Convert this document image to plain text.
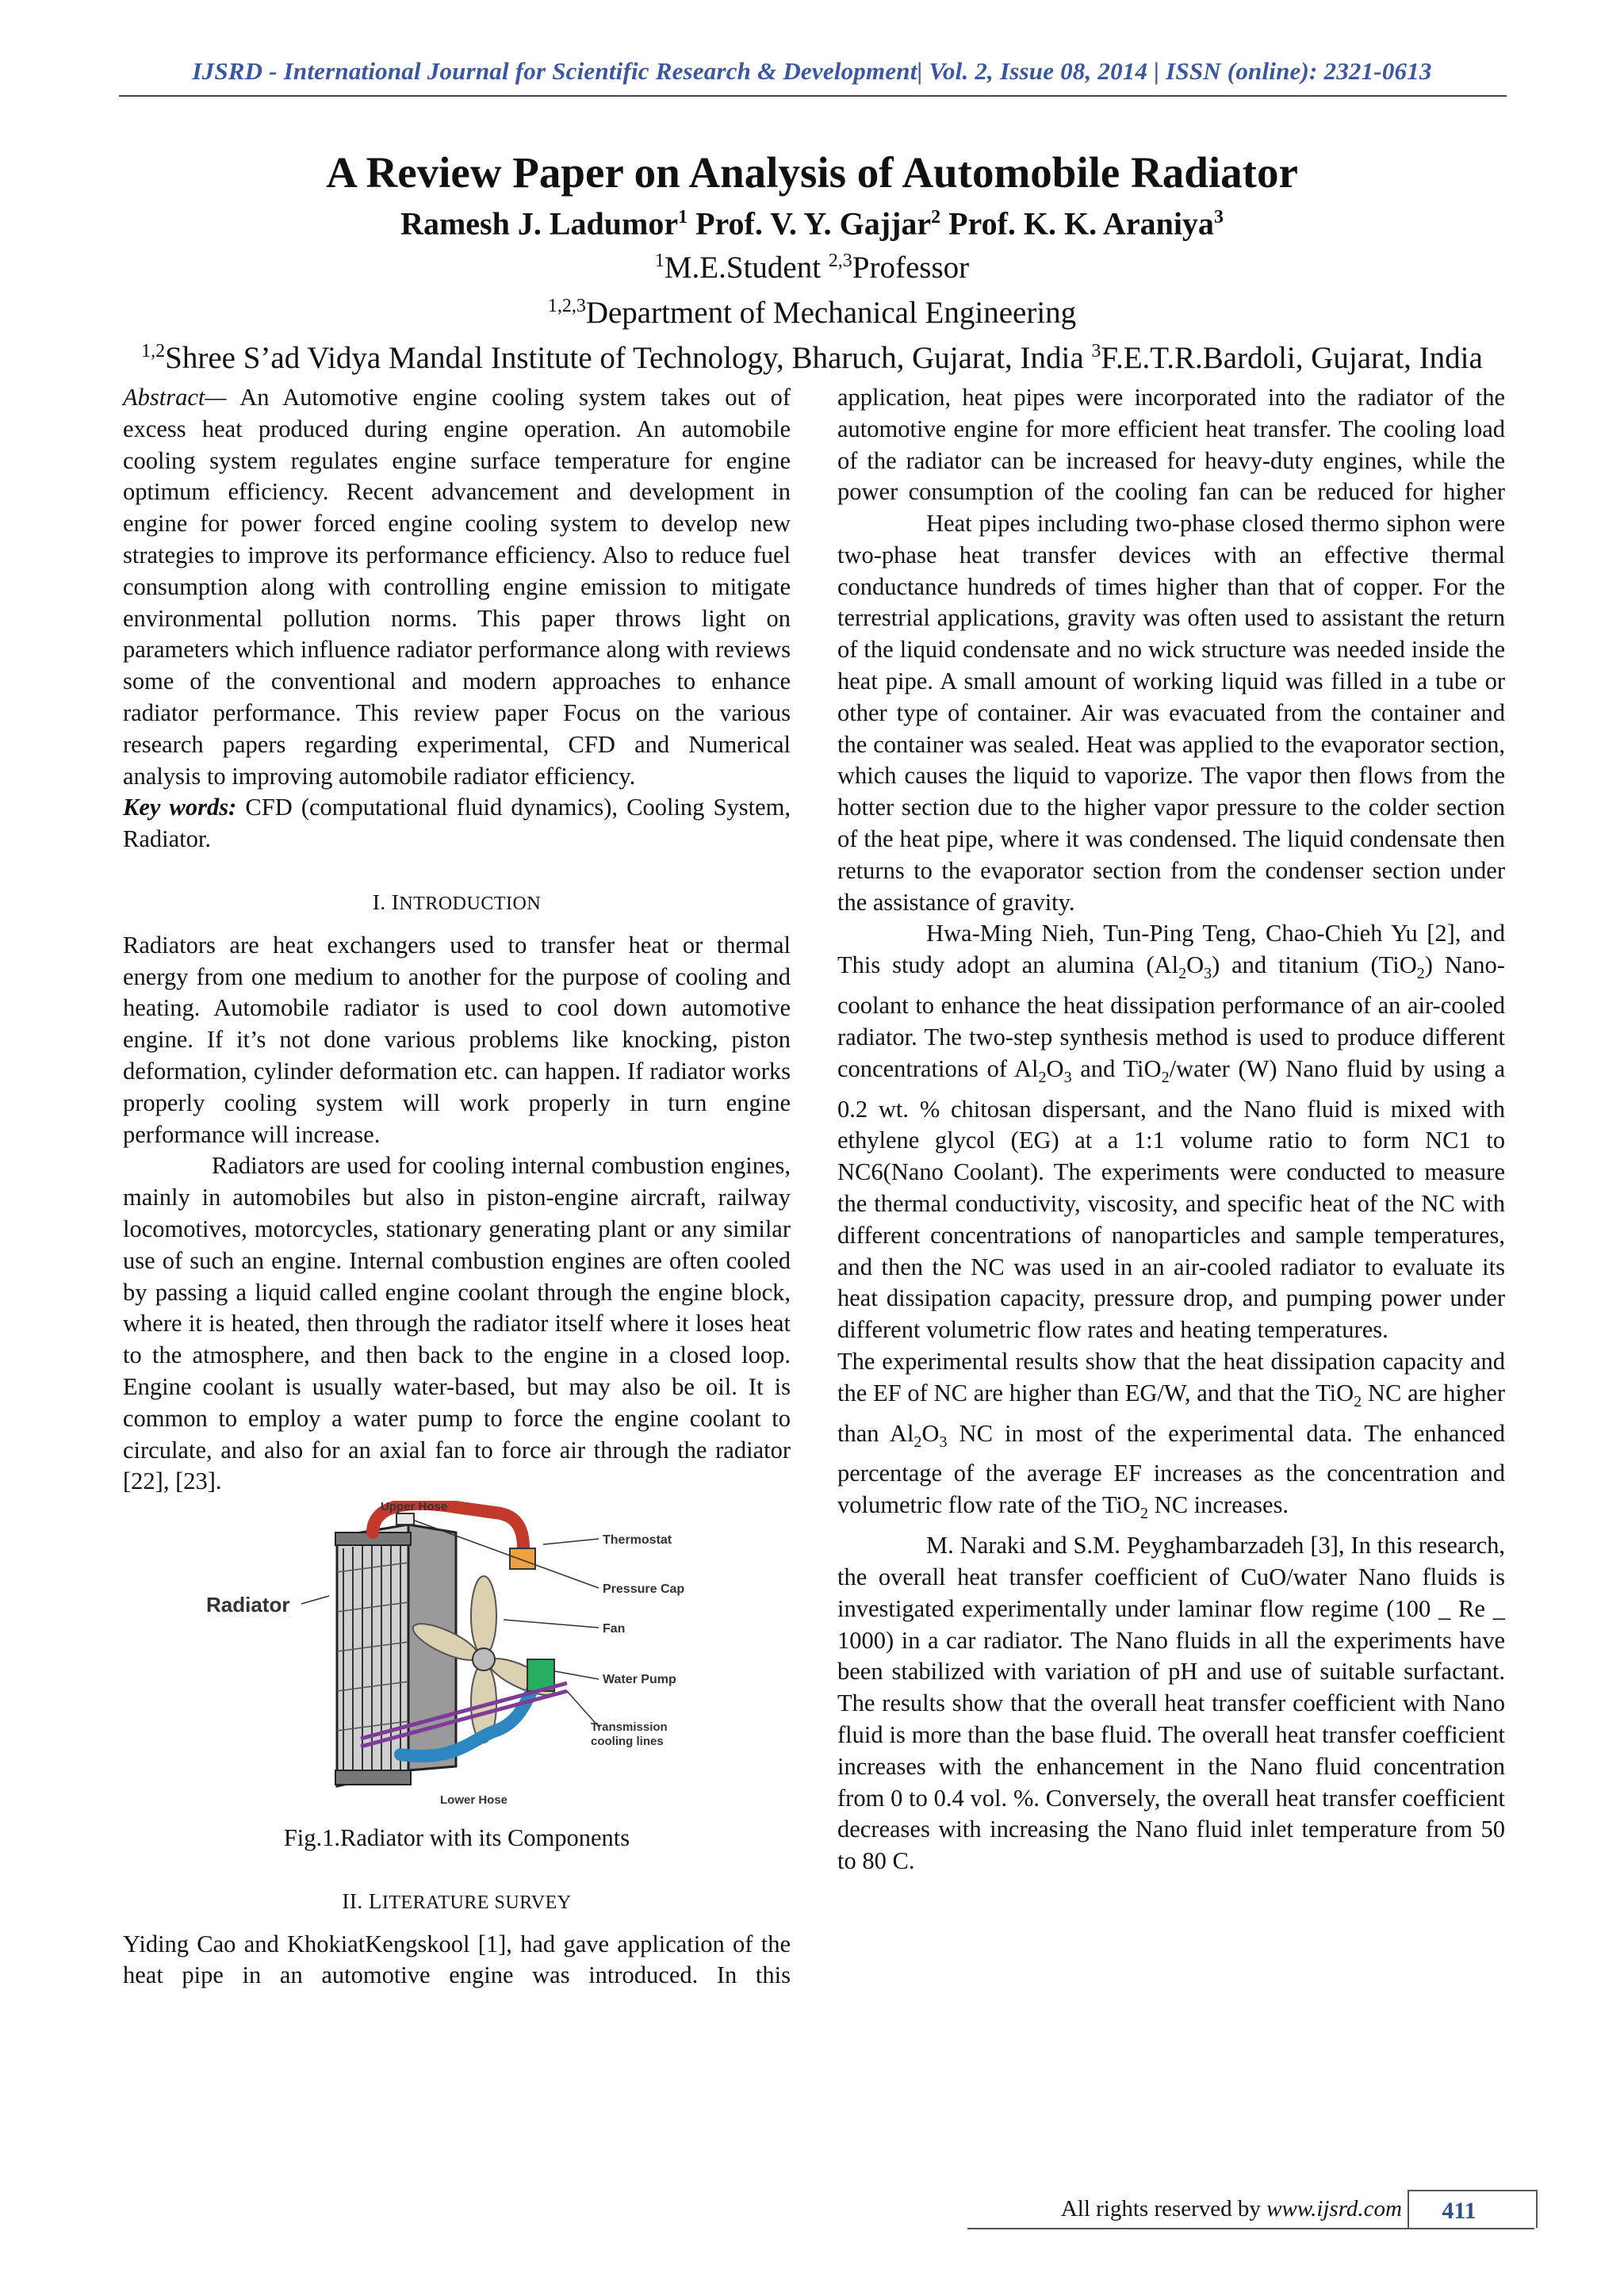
IJSRD - International Journal for Scientific Research & Development| Vol. 2, Issue 08, 2014 | ISSN (online): 2321-0613
A Review Paper on Analysis of Automobile Radiator
Ramesh J. Ladumor$^1$ Prof. V. Y. Gajjar$^2$ Prof. K. K. Araniya$^3$
$^1$M.E.Student $^{2,3}$Professor
$^{1,2,3}$Department of Mechanical Engineering
$^{1,2}$Shree S’ad Vidya Mandal Institute of Technology, Bharuch, Gujarat, India $^3$F.E.T.R.Bardoli, Gujarat, India

Abstract— An Automotive engine cooling system takes out of excess heat produced during engine operation. An automobile cooling system regulates engine surface temperature for engine optimum efficiency. Recent advancement and development in engine for power forced engine cooling system to develop new strategies to improve its performance efficiency. Also to reduce fuel consumption along with controlling engine emission to mitigate environmental pollution norms. This paper throws light on parameters which influence radiator performance along with reviews some of the conventional and modern approaches to enhance radiator performance. This review paper Focus on the various research papers regarding experimental, CFD and Numerical analysis to improving automobile radiator efficiency.

Key words: CFD (computational fluid dynamics), Cooling System, Radiator.

I. INTRODUCTION

Radiators are heat exchangers used to transfer heat or thermal energy from one medium to another for the purpose of cooling and heating. Automobile radiator is used to cool down automotive engine. If it’s not done various problems like knocking, piston deformation, cylinder deformation etc. can happen. If radiator works properly cooling system will work properly in turn engine performance will increase.

Radiators are used for cooling internal combustion engines, mainly in automobiles but also in piston-engine aircraft, railway locomotives, motorcycles, stationary generating plant or any similar use of such an engine. Internal combustion engines are often cooled by passing a liquid called engine coolant through the engine block, where it is heated, then through the radiator itself where it loses heat to the atmosphere, and then back to the engine in a closed loop. Engine coolant is usually water-based, but may also be oil. It is common to employ a water pump to force the engine coolant to circulate, and also for an axial fan to force air through the radiator [22], [23].

Upper Hose
Thermostat
Pressure Cap
Fan
Water Pump
Transmission
cooling lines
Lower Hose
Radiator
Fig.1.Radiator with its Components
II. LITERATURE SURVEY

Yiding Cao and KhokiatKengskool [1], had gave application of the heat pipe in an automotive engine was introduced. In this

application, heat pipes were incorporated into the radiator of the automotive engine for more efficient heat transfer. The cooling load of the radiator can be increased for heavy-duty engines, while the power consumption of the cooling fan can be reduced for higher

Heat pipes including two-phase closed thermo siphon were two-phase heat transfer devices with an effective thermal conductance hundreds of times higher than that of copper. For the terrestrial applications, gravity was often used to assistant the return of the liquid condensate and no wick structure was needed inside the heat pipe. A small amount of working liquid was filled in a tube or other type of container. Air was evacuated from the container and the container was sealed. Heat was applied to the evaporator section, which causes the liquid to vaporize. The vapor then flows from the hotter section due to the higher vapor pressure to the colder section of the heat pipe, where it was condensed. The liquid condensate then returns to the evaporator section from the condenser section under the assistance of gravity.

Hwa-Ming Nieh, Tun-Ping Teng, Chao-Chieh Yu [2], and This study adopt an alumina $(Al_2O_3)$ and titanium (TiO$_2$) Nano-coolant to enhance the heat dissipation performance of an air-cooled radiator. The two-step synthesis method is used to produce different concentrations of $Al_2O_3$ and TiO$_2$/water (W) Nano fluid by using a 0.2 wt. % chitosan dispersant, and the Nano fluid is mixed with ethylene glycol (EG) at a 1:1 volume ratio to form NC1 to NC6(Nano Coolant). The experiments were conducted to measure the thermal conductivity, viscosity, and specific heat of the NC with different concentrations of nanoparticles and sample temperatures, and then the NC was used in an air-cooled radiator to evaluate its heat dissipation capacity, pressure drop, and pumping power under different volumetric flow rates and heating temperatures.

The experimental results show that the heat dissipation capacity and the EF of NC are higher than EG/W, and that the TiO$_2$ NC are higher than $Al_2O_3$ NC in most of the experimental data. The enhanced percentage of the average EF increases as the concentration and volumetric flow rate of the TiO$_2$ NC increases.

M. Naraki and S.M. Peyghambarzadeh [3], In this research, the overall heat transfer coefficient of CuO/water Nano fluids is investigated experimentally under laminar flow regime (100 _ Re _ 1000) in a car radiator. The Nano fluids in all the experiments have been stabilized with variation of pH and use of suitable surfactant. The results show that the overall heat transfer coefficient with Nano fluid is more than the base fluid. The overall heat transfer coefficient increases with the enhancement in the Nano fluid concentration from 0 to 0.4 vol. %. Conversely, the overall heat transfer coefficient decreases with increasing the Nano fluid inlet temperature from 50 to 80 C.

All rights reserved by www.ijsrd.com	411
